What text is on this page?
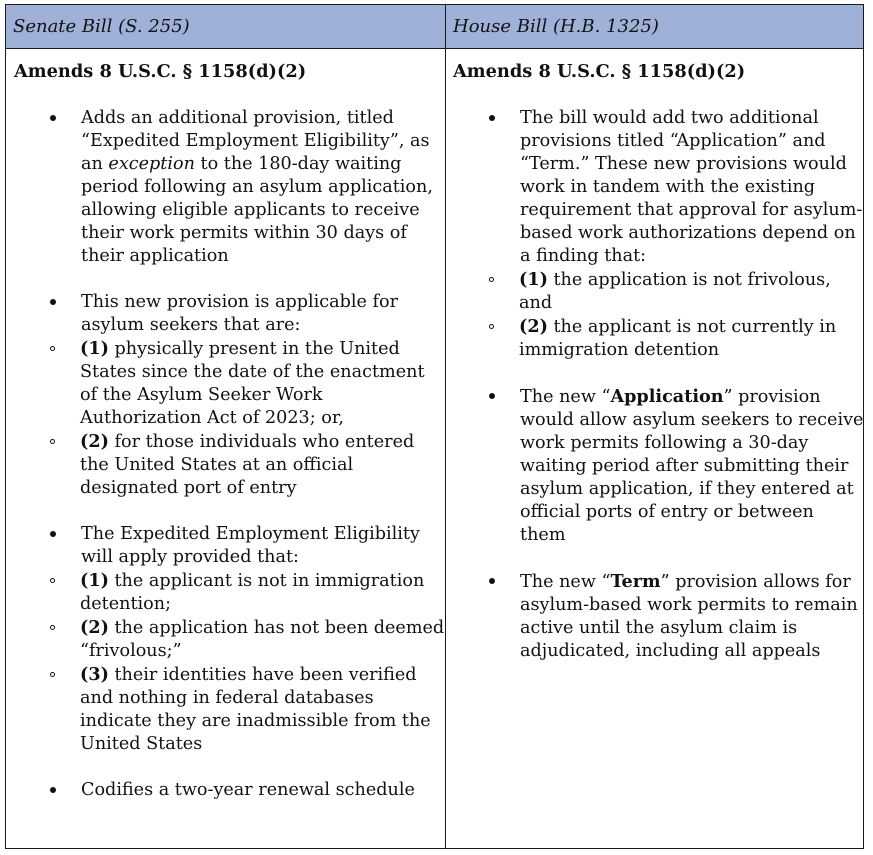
Senate Bill (S. 255)	House Bill (H.B. 1325)
Amends 8 U.S.C. § 1158(d)(2)
Adds an additional provision, titled “Expedited Employment Eligibility”, as an exception to the 180-day waiting period following an asylum application, allowing eligible applicants to receive their work permits within 30 days of their application
This new provision is applicable for asylum seekers that are:
(1) physically present in the United States since the date of the enactment of the Asylum Seeker Work Authorization Act of 2023; or,
(2) for those individuals who entered the United States at an official designated port of entry
The Expedited Employment Eligibility will apply provided that:
(1) the applicant is not in immigration detention;
(2) the application has not been deemed “frivolous;”
(3) their identities have been verified and nothing in federal databases indicate they are inadmissible from the United States
Codifies a two-year renewal schedule
Amends 8 U.S.C. § 1158(d)(2)
The bill would add two additional provisions titled “Application” and “Term.” These new provisions would work in tandem with the existing requirement that approval for asylum-based work authorizations depend on a finding that:
(1) the application is not frivolous, and
(2) the applicant is not currently in immigration detention
The new “Application” provision would allow asylum seekers to receive work permits following a 30-day waiting period after submitting their asylum application, if they entered at official ports of entry or between them
The new “Term” provision allows for asylum-based work permits to remain active until the asylum claim is adjudicated, including all appeals
